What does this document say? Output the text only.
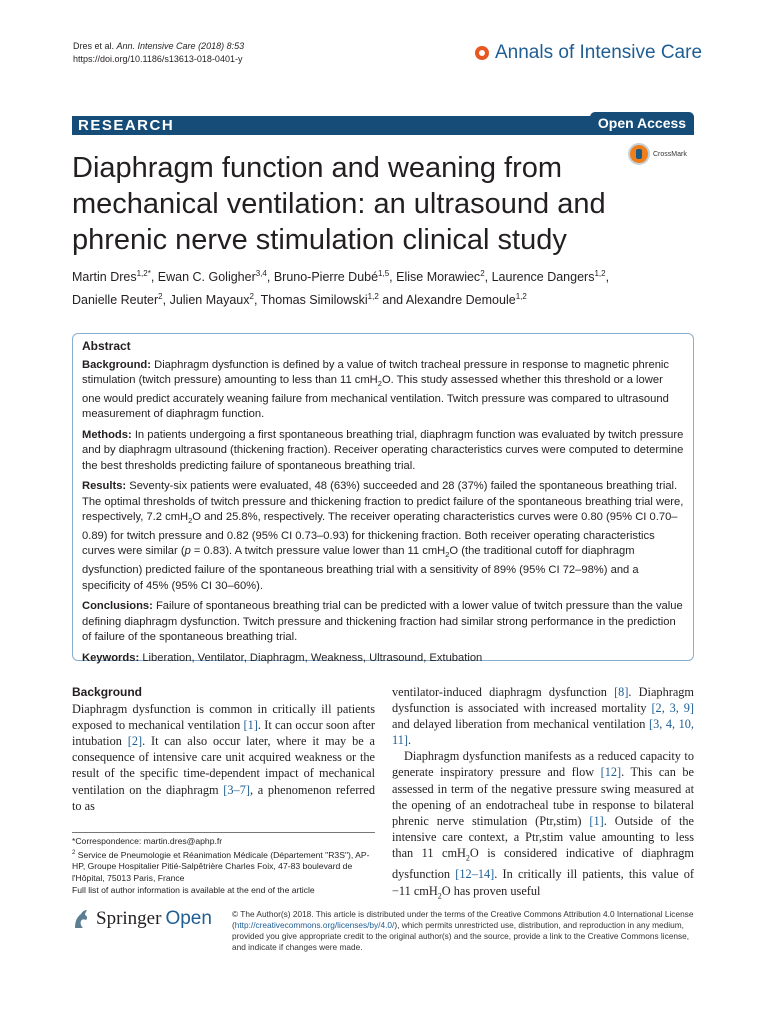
Dres et al. Ann. Intensive Care (2018) 8:53
https://doi.org/10.1186/s13613-018-0401-y	Annals of Intensive Care
RESEARCH	Open Access
CrossMark
Diaphragm function and weaning from mechanical ventilation: an ultrasound and phrenic nerve stimulation clinical study
Martin Dres$^{1,2*}$, Ewan C. Goligher$^{3,4}$, Bruno-Pierre Dubé$^{1,5}$, Elise Morawiec$^2$, Laurence Dangers$^{1,2}$,
Danielle Reuter$^2$, Julien Mayaux$^2$, Thomas Similowski$^{1,2}$ and Alexandre Demoule$^{1,2}$
Abstract

Background: Diaphragm dysfunction is defined by a value of twitch tracheal pressure in response to magnetic phrenic stimulation (twitch pressure) amounting to less than 11 cmH$_2$O. This study assessed whether this threshold or a lower one would predict accurately weaning failure from mechanical ventilation. Twitch pressure was compared to ultrasound measurement of diaphragm function.

Methods: In patients undergoing a first spontaneous breathing trial, diaphragm function was evaluated by twitch pressure and by diaphragm ultrasound (thickening fraction). Receiver operating characteristics curves were computed to determine the best thresholds predicting failure of spontaneous breathing trial.

Results: Seventy-six patients were evaluated, 48 (63%) succeeded and 28 (37%) failed the spontaneous breathing trial. The optimal thresholds of twitch pressure and thickening fraction to predict failure of the spontaneous breathing trial were, respectively, 7.2 cmH$_2$O and 25.8%, respectively. The receiver operating characteristics curves were 0.80 (95% CI 0.70–0.89) for twitch pressure and 0.82 (95% CI 0.73–0.93) for thickening fraction. Both receiver operating characteristics curves were similar (p = 0.83). A twitch pressure value lower than 11 cmH$_2$O (the traditional cutoff for diaphragm dysfunction) predicted failure of the spontaneous breathing trial with a sensitivity of 89% (95% CI 72–98%) and a specificity of 45% (95% CI 30–60%).

Conclusions: Failure of spontaneous breathing trial can be predicted with a lower value of twitch pressure than the value defining diaphragm dysfunction. Twitch pressure and thickening fraction had similar strong performance in the prediction of failure of the spontaneous breathing trial.

Keywords: Liberation, Ventilator, Diaphragm, Weakness, Ultrasound, Extubation

Background
Diaphragm dysfunction is common in critically ill patients exposed to mechanical ventilation [1]. It can occur soon after intubation [2]. It can also occur later, where it may be a consequence of intensive care unit acquired weakness or the result of the specific time-dependent impact of mechanical ventilation on the diaphragm [3–7], a phenomenon referred to as

ventilator-induced diaphragm dysfunction [8]. Diaphragm dysfunction is associated with increased mortality [2, 3, 9] and delayed liberation from mechanical ventilation [3, 4, 10, 11].

Diaphragm dysfunction manifests as a reduced capacity to generate inspiratory pressure and flow [12]. This can be assessed in term of the negative pressure swing measured at the opening of an endotracheal tube in response to bilateral phrenic nerve stimulation (Ptr,stim) [1]. Outside of the intensive care context, a Ptr,stim value amounting to less than 11 cmH$_2$O is considered indicative of diaphragm dysfunction [12–14]. In critically ill patients, this value of −11 cmH$_2$O has proven useful

*Correspondence: martin.dres@aphp.fr

$^2$ Service de Pneumologie et Réanimation Médicale (Département "R3S"), AP-HP, Groupe Hospitalier Pitié-Salpêtrière Charles Foix, 47-83 boulevard de l'Hôpital, 75013 Paris, France

Full list of author information is available at the end of the article

Springer Open © The Author(s) 2018. This article is distributed under the terms of the Creative Commons Attribution 4.0 International License (http://creativecommons.org/licenses/by/4.0/), which permits unrestricted use, distribution, and reproduction in any medium, provided you give appropriate credit to the original author(s) and the source, provide a link to the Creative Commons license, and indicate if changes were made.
